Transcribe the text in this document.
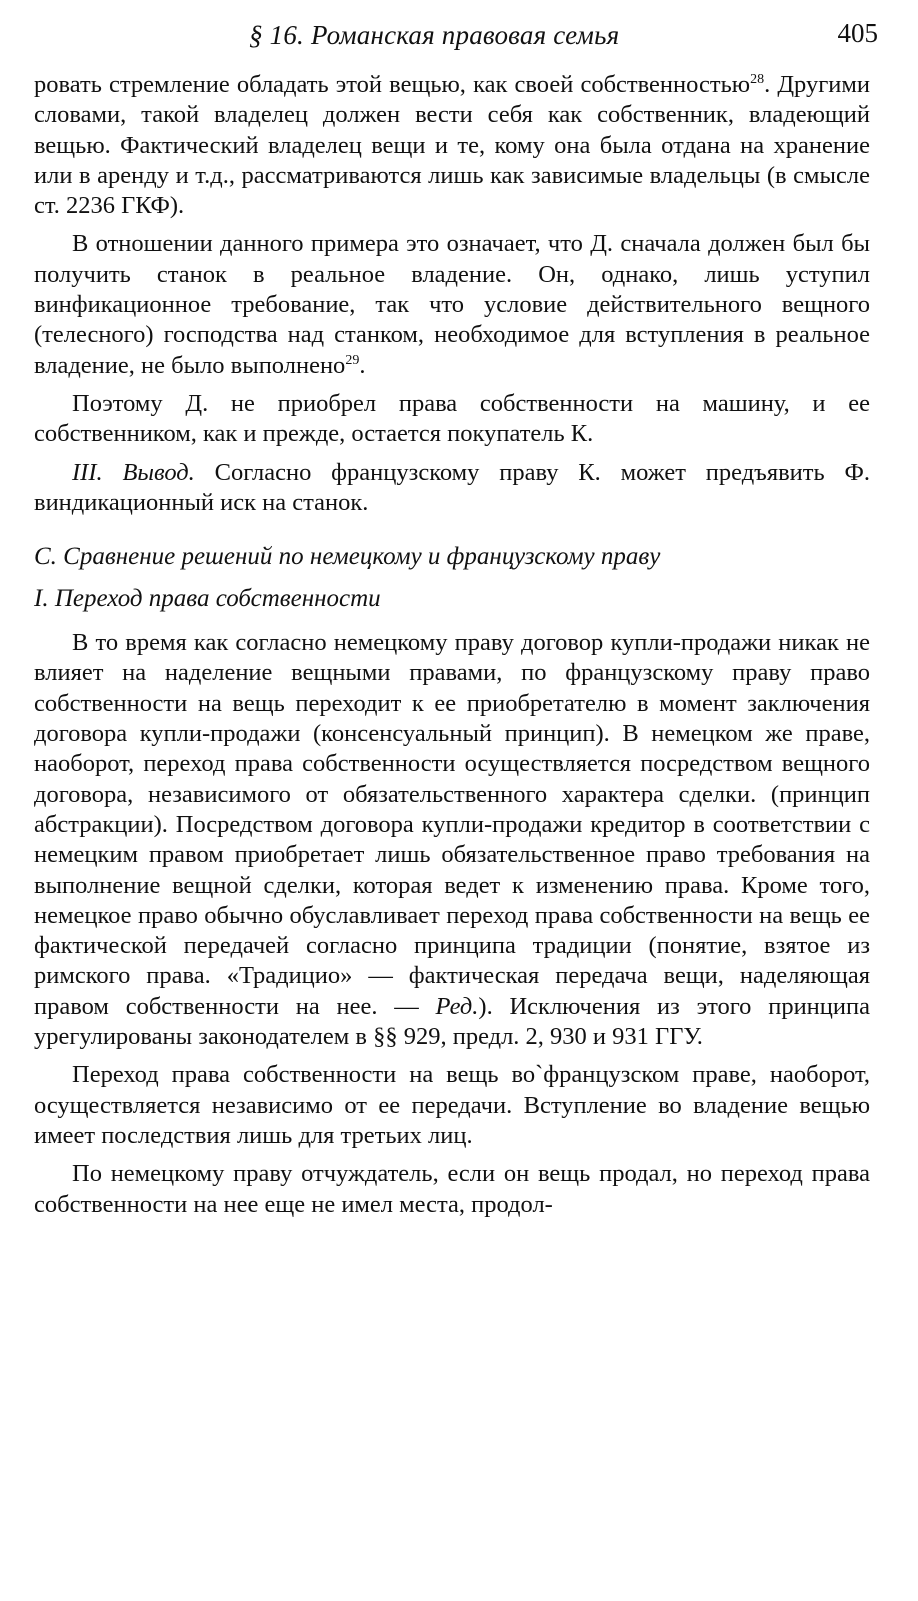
§ 16. Романская правовая семья	405

ровать стремление обладать этой вещью, как своей собственностью$^{28}$. Другими словами, такой владелец должен вести себя как собственник, владеющий вещью. Фактический владелец вещи и те, кому она была отдана на хранение или в аренду и т.д., рассматриваются лишь как зависимые владельцы (в смысле ст. 2236 ГКФ).

В отношении данного примера это означает, что Д. сначала должен был бы получить станок в реальное владение. Он, однако, лишь уступил винфикационное требование, так что условие действительного вещного (телесного) господства над станком, необходимое для вступления в реальное владение, не было выполнено$^{29}$.

Поэтому Д. не приобрел права собственности на машину, и ее собственником, как и прежде, остается покупатель К.

III. Вывод. Согласно французскому праву К. может предъявить Ф. виндикационный иск на станок.

С. Сравнение решений по немецкому и французскому праву
I. Переход права собственности

В то время как согласно немецкому праву договор купли-продажи никак не влияет на наделение вещными правами, по французскому праву право собственности на вещь переходит к ее приобретателю в момент заключения договора купли-продажи (консенсуальный принцип). В немецком же праве, наоборот, переход права собственности осуществляется посредством вещного договора, независимого от обязательственного характера сделки. (принцип абстракции). Посредством договора купли-продажи кредитор в соответствии с немецким правом приобретает лишь обязательственное право требования на выполнение вещной сделки, которая ведет к изменению права. Кроме того, немецкое право обычно обуславливает переход права собственности на вещь ее фактической передачей согласно принципа традиции (понятие, взятое из римского права. «Традицио» — фактическая передача вещи, наделяющая правом собственности на нее. — Ред.). Исключения из этого принципа урегулированы законодателем в §§ 929, предл. 2, 930 и 931 ГГУ.

Переход права собственности на вещь во`французском праве, наоборот, осуществляется независимо от ее передачи. Вступление во владение вещью имеет последствия лишь для третьих лиц.

По немецкому праву отчуждатель, если он вещь продал, но переход права собственности на нее еще не имел места, продол-
